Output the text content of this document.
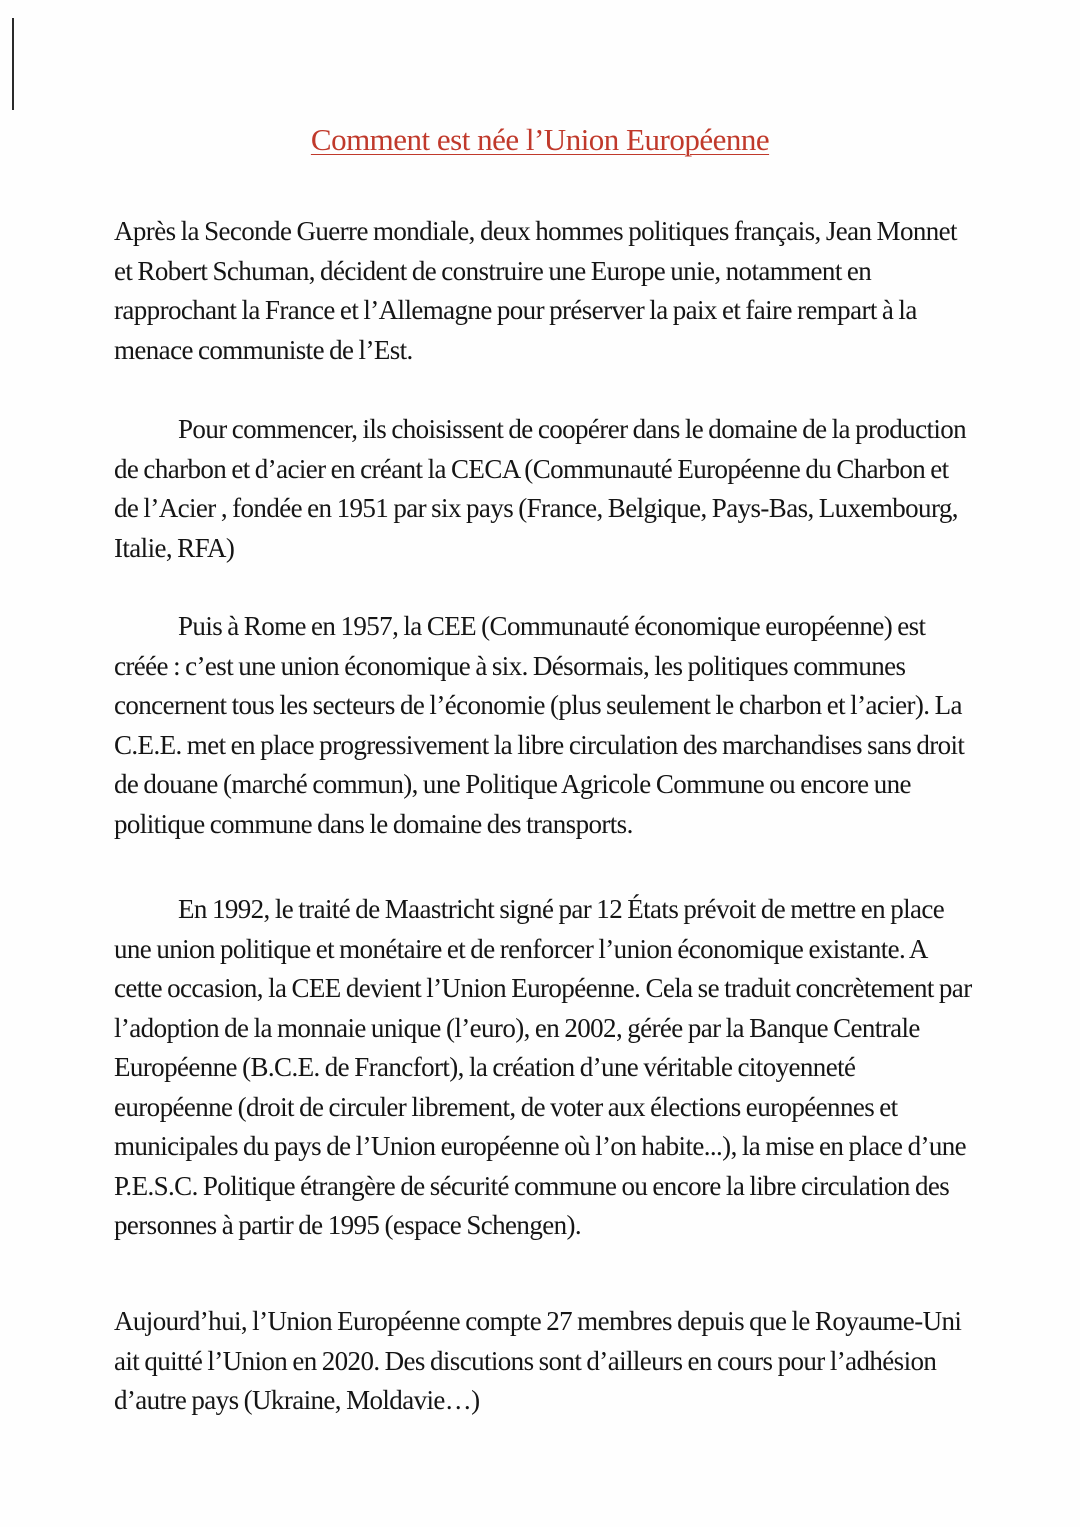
Comment est née l’Union Européenne

Après la Seconde Guerre mondiale, deux hommes politiques français, Jean Monnet et Robert Schuman, décident de construire une Europe unie, notamment en rapprochant la France et l’Allemagne pour préserver la paix et faire rempart à la menace communiste de l’Est.

Pour commencer, ils choisissent de coopérer dans le domaine de la production de charbon et d’acier en créant la CECA (Communauté Européenne du Charbon et de l’Acier , fondée en 1951 par six pays (France, Belgique, Pays-Bas, Luxembourg, Italie, RFA)

Puis à Rome en 1957, la CEE (Communauté économique européenne) est créée : c’est une union économique à six. Désormais, les politiques communes concernent tous les secteurs de l’économie (plus seulement le charbon et l’acier). La C.E.E. met en place progressivement la libre circulation des marchandises sans droit de douane (marché commun), une Politique Agricole Commune ou encore une politique commune dans le domaine des transports.

En 1992, le traité de Maastricht signé par 12 États prévoit de mettre en place une union politique et monétaire et de renforcer l’union économique existante. A cette occasion, la CEE devient l’Union Européenne. Cela se traduit concrètement par l’adoption de la monnaie unique (l’euro), en 2002, gérée par la Banque Centrale Européenne (B.C.E. de Francfort), la création d’une véritable citoyenneté européenne (droit de circuler librement, de voter aux élections européennes et municipales du pays de l’Union européenne où l’on habite...), la mise en place d’une P.E.S.C. Politique étrangère de sécurité commune ou encore la libre circulation des personnes à partir de 1995 (espace Schengen).

Aujourd’hui, l’Union Européenne compte 27 membres depuis que le Royaume-Uni ait quitté l’Union en 2020. Des discutions sont d’ailleurs en cours pour l’adhésion d’autre pays (Ukraine, Moldavie…)
